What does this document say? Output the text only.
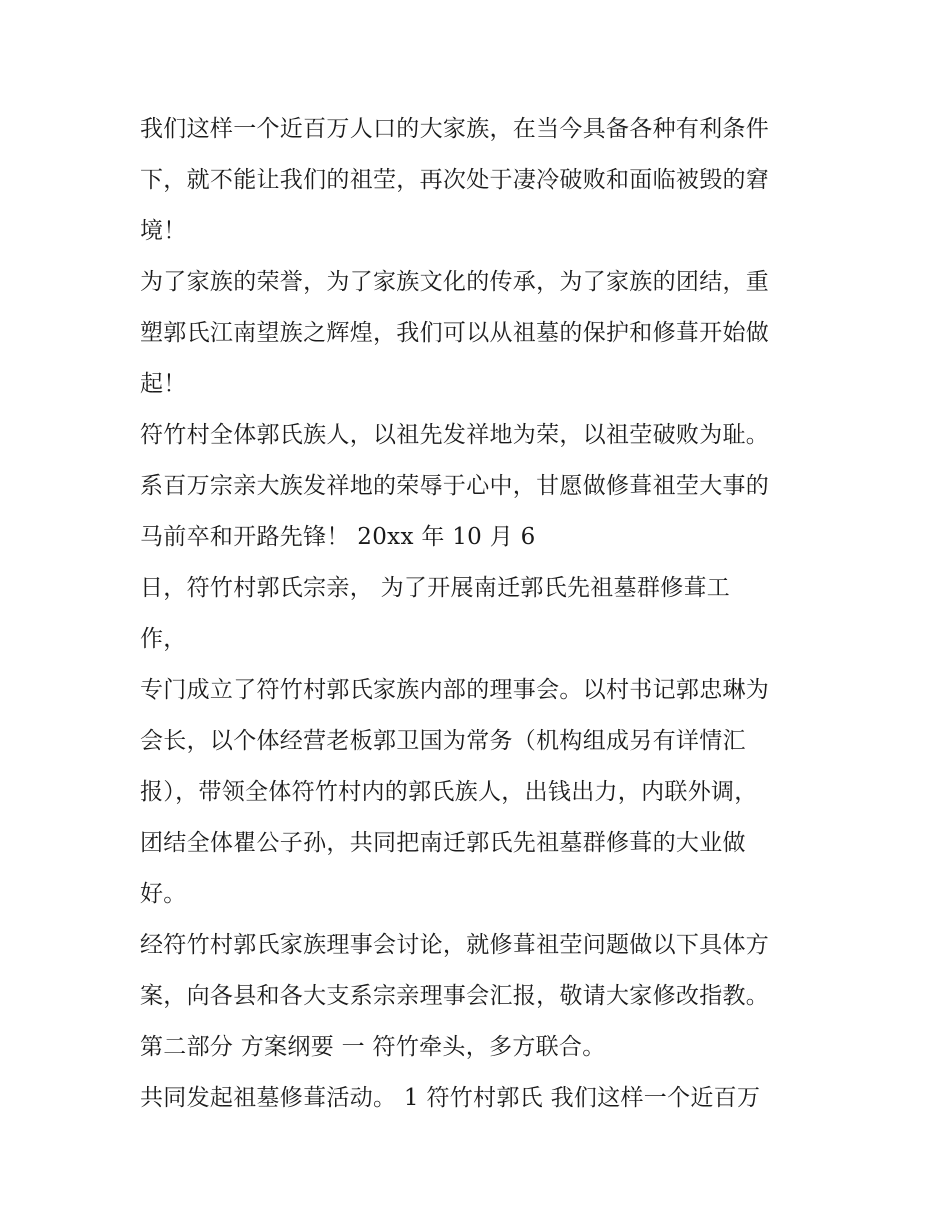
我们这样一个近百万人口的大家族，在当今具备各种有利条件
下，就不能让我们的祖茔，再次处于凄冷破败和面临被毁的窘
境！
为了家族的荣誉，为了家族文化的传承，为了家族的团结，重
塑郭氏江南望族之辉煌，我们可以从祖墓的保护和修葺开始做
起！
符竹村全体郭氏族人，以祖先发祥地为荣，以祖茔破败为耻。
系百万宗亲大族发祥地的荣辱于心中，甘愿做修葺祖茔大事的
马前卒和开路先锋！ 20xx 年 10 月 6
日，符竹村郭氏宗亲， 为了开展南迁郭氏先祖墓群修葺工
作，
专门成立了符竹村郭氏家族内部的理事会。以村书记郭忠琳为
会长，以个体经营老板郭卫国为常务（机构组成另有详情汇
报），带领全体符竹村内的郭氏族人，出钱出力，内联外调，
团结全体瞿公子孙，共同把南迁郭氏先祖墓群修葺的大业做
好。
经符竹村郭氏家族理事会讨论，就修葺祖茔问题做以下具体方
案，向各县和各大支系宗亲理事会汇报，敬请大家修改指教。
第二部分 方案纲要 一 符竹牵头，多方联合。
共同发起祖墓修葺活动。 1 符竹村郭氏 我们这样一个近百万
